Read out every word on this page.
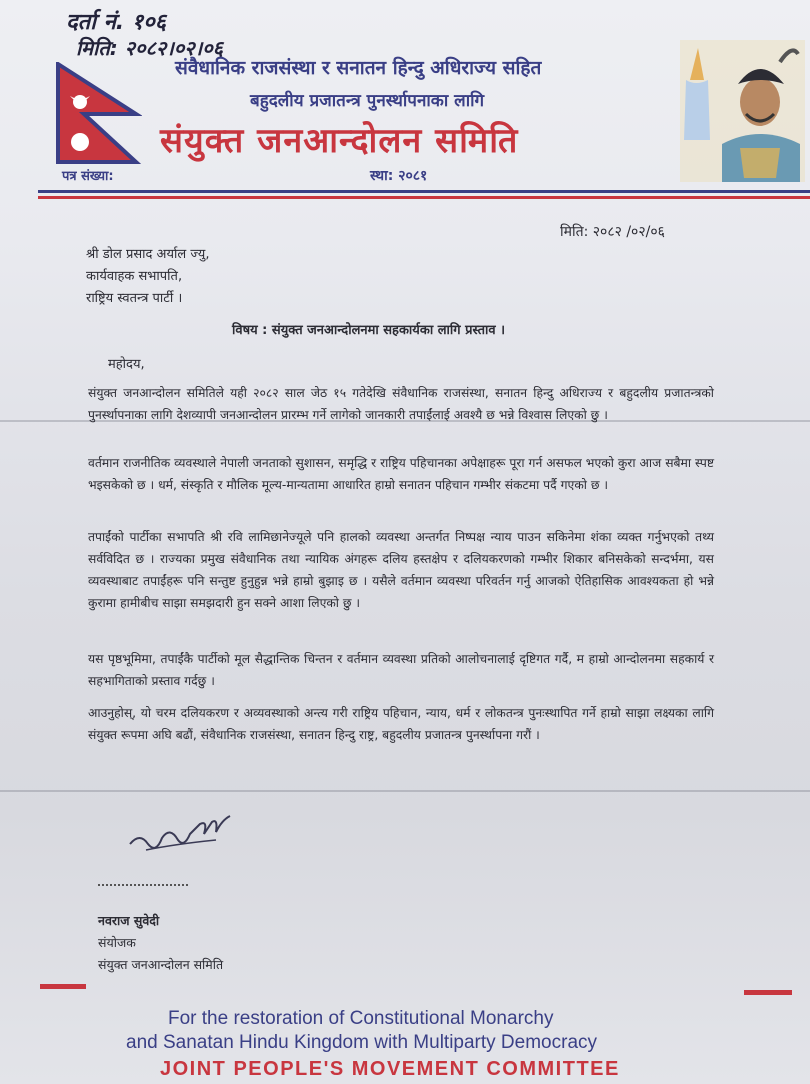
दर्ता नं. १०६
मिति: २०८२।०२।०६
संवैधानिक राजसंस्था र सनातन हिन्दु अधिराज्य सहित
बहुदलीय प्रजातन्त्र पुनर्स्थापनाका लागि
संयुक्त जनआन्दोलन समिति
पत्र संख्या:	स्था: २०८१
मिति: २०८२ /०२/०६
श्री डोल प्रसाद अर्याल ज्यु,
कार्यवाहक सभापति,
राष्ट्रिय स्वतन्त्र पार्टी ।
विषय : संयुक्त जनआन्दोलनमा सहकार्यका लागि प्रस्ताव ।
महोदय,
संयुक्त जनआन्दोलन समितिले यही २०८२ साल जेठ १५ गतेदेखि संवैधानिक राजसंस्था, सनातन हिन्दु अधिराज्य र बहुदलीय प्रजातन्त्रको पुनर्स्थापनाका लागि देशव्यापी जनआन्दोलन प्रारम्भ गर्ने लागेको जानकारी तपाईंलाई अवश्यै छ भन्ने विश्वास लिएको छु ।
वर्तमान राजनीतिक व्यवस्थाले नेपाली जनताको सुशासन, समृद्धि र राष्ट्रिय पहिचानका अपेक्षाहरू पूरा गर्न असफल भएको कुरा आज सबैमा स्पष्ट भइसकेको छ । धर्म, संस्कृति र मौलिक मूल्य-मान्यतामा आधारित हाम्रो सनातन पहिचान गम्भीर संकटमा पर्दै गएको छ ।
तपाईंको पार्टीका सभापति श्री रवि लामिछानेज्यूले पनि हालको व्यवस्था अन्तर्गत निष्पक्ष न्याय पाउन सकिनेमा शंका व्यक्त गर्नुभएको तथ्य सर्वविदित छ । राज्यका प्रमुख संवैधानिक तथा न्यायिक अंगहरू दलिय हस्तक्षेप र दलियकरणको गम्भीर शिकार बनिसकेको सन्दर्भमा, यस व्यवस्थाबाट तपाईंहरू पनि सन्तुष्ट हुनुहुन्न भन्ने हाम्रो बुझाइ छ । यसैले वर्तमान व्यवस्था परिवर्तन गर्नु आजको ऐतिहासिक आवश्यकता हो भन्ने कुरामा हामीबीच साझा समझदारी हुन सक्ने आशा लिएको छु ।
यस पृष्ठभूमिमा, तपाईंकै पार्टीको मूल सैद्धान्तिक चिन्तन र वर्तमान व्यवस्था प्रतिको आलोचनालाई दृष्टिगत गर्दै, म हाम्रो आन्दोलनमा सहकार्य र सहभागिताको प्रस्ताव गर्दछु ।
आउनुहोस्, यो चरम दलियकरण र अव्यवस्थाको अन्त्य गरी राष्ट्रिय पहिचान, न्याय, धर्म र लोकतन्त्र पुनःस्थापित गर्ने हाम्रो साझा लक्ष्यका लागि संयुक्त रूपमा अघि बढौं, संवैधानिक राजसंस्था, सनातन हिन्दु राष्ट्र, बहुदलीय प्रजातन्त्र पुनर्स्थापना गरौं ।
नवराज सुवेदी
संयोजक
संयुक्त जनआन्दोलन समिति
For the restoration of Constitutional Monarchy
and Sanatan Hindu Kingdom with Multiparty Democracy
JOINT PEOPLE'S MOVEMENT COMMITTEE
